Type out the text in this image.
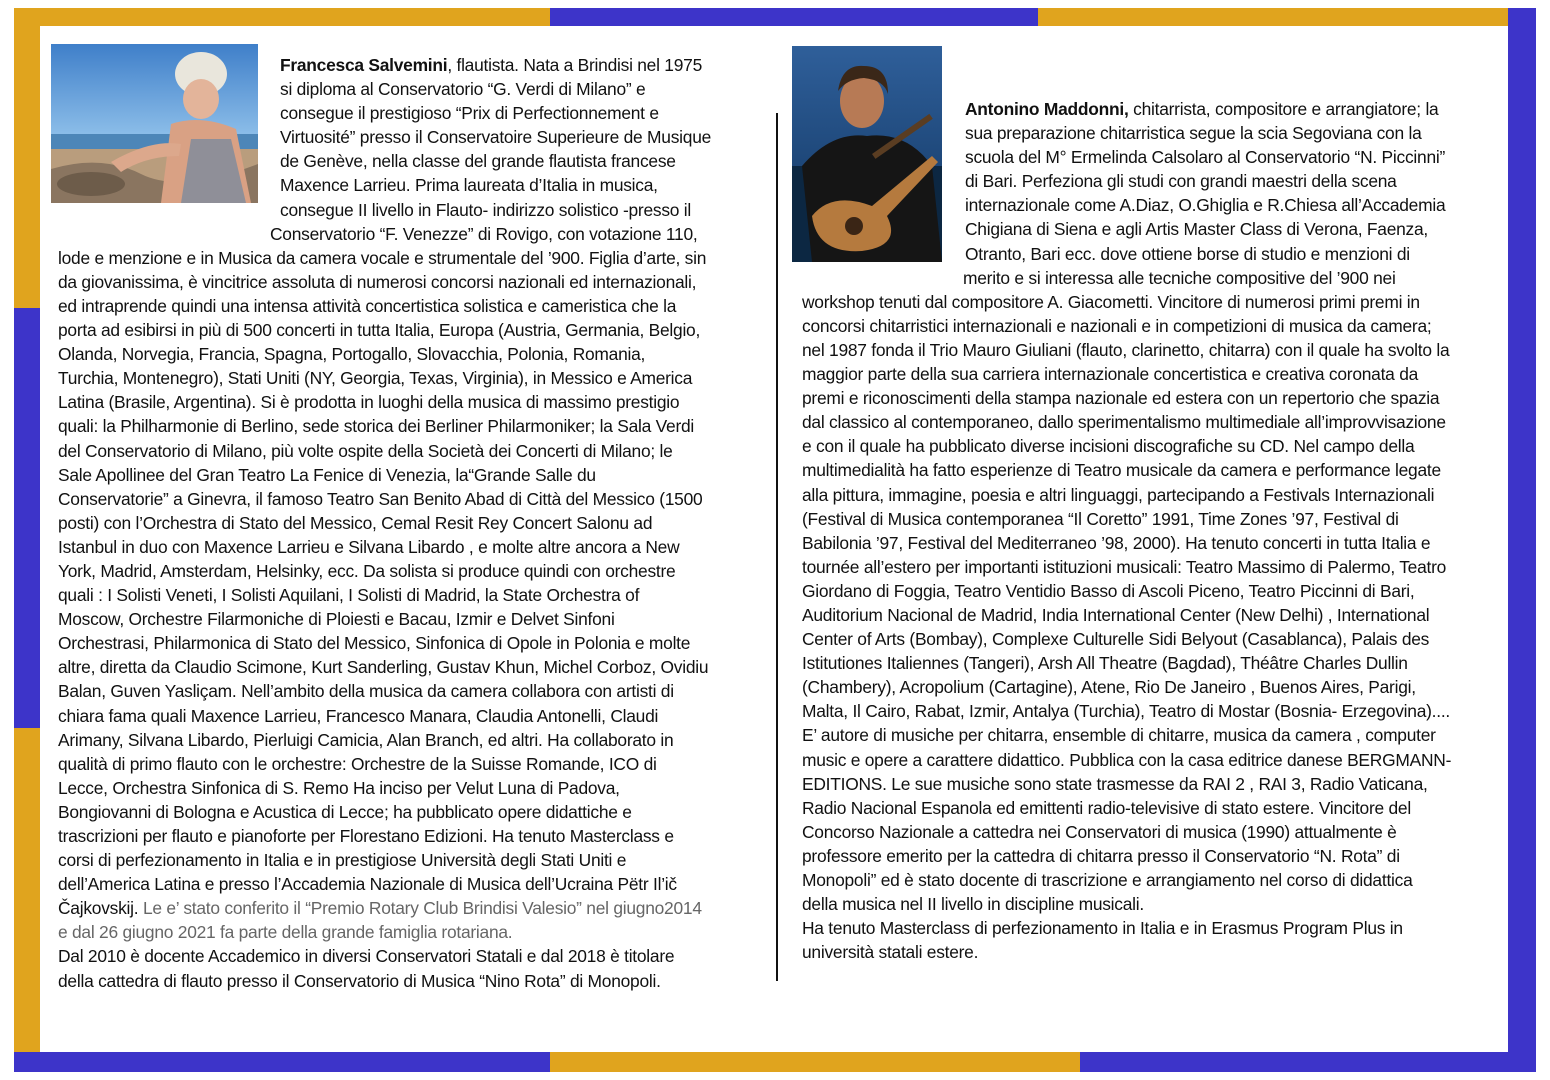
Francesca Salvemini, flautista. Nata a Brindisi nel 1975
si diploma al Conservatorio “G. Verdi di Milano” e
consegue il prestigioso “Prix di Perfectionnement e
Virtuosité” presso il Conservatoire Superieure de Musique
de Genève, nella classe del grande flautista francese
Maxence Larrieu. Prima laureata d’Italia in musica,
consegue II livello in Flauto- indirizzo solistico -presso il
Conservatorio “F. Venezze” di Rovigo, con votazione 110,
lode e menzione e in Musica da camera vocale e strumentale del ’900. Figlia d’arte, sin
da giovanissima, è vincitrice assoluta di numerosi concorsi nazionali ed internazionali,
ed intraprende quindi una intensa attività concertistica solistica e cameristica che la
porta ad esibirsi in più di 500 concerti in tutta Italia, Europa (Austria, Germania, Belgio,
Olanda, Norvegia, Francia, Spagna, Portogallo, Slovacchia, Polonia, Romania,
Turchia, Montenegro), Stati Uniti (NY, Georgia, Texas, Virginia), in Messico e America
Latina (Brasile, Argentina). Si è prodotta in luoghi della musica di massimo prestigio
quali: la Philharmonie di Berlino, sede storica dei Berliner Philarmoniker; la Sala Verdi
del Conservatorio di Milano, più volte ospite della Società dei Concerti di Milano; le
Sale Apollinee del Gran Teatro La Fenice di Venezia, la“Grande Salle du
Conservatorie” a Ginevra, il famoso Teatro San Benito Abad di Città del Messico (1500
posti) con l’Orchestra di Stato del Messico, Cemal Resit Rey Concert Salonu ad
Istanbul in duo con Maxence Larrieu e Silvana Libardo , e molte altre ancora a New
York, Madrid, Amsterdam, Helsinky, ecc. Da solista si produce quindi con orchestre
quali : I Solisti Veneti, I Solisti Aquilani, I Solisti di Madrid, la State Orchestra of
Moscow, Orchestre Filarmoniche di Ploiesti e Bacau, Izmir e Delvet Sinfoni
Orchestrasi, Philarmonica di Stato del Messico, Sinfonica di Opole in Polonia e molte
altre, diretta da Claudio Scimone, Kurt Sanderling, Gustav Khun, Michel Corboz, Ovidiu
Balan, Guven Yasliçam. Nell’ambito della musica da camera collabora con artisti di
chiara fama quali Maxence Larrieu, Francesco Manara, Claudia Antonelli, Claudi
Arimany, Silvana Libardo, Pierluigi Camicia, Alan Branch, ed altri. Ha collaborato in
qualità di primo flauto con le orchestre: Orchestre de la Suisse Romande, ICO di
Lecce, Orchestra Sinfonica di S. Remo Ha inciso per Velut Luna di Padova,
Bongiovanni di Bologna e Acustica di Lecce; ha pubblicato opere didattiche e
trascrizioni per flauto e pianoforte per Florestano Edizioni. Ha tenuto Masterclass e
corsi di perfezionamento in Italia e in prestigiose Università degli Stati Uniti e
dell’America Latina e presso l’Accademia Nazionale di Musica dell’Ucraina Pëtr Il’ič
Čajkovskij. Le e’ stato conferito il “Premio Rotary Club Brindisi Valesio” nel giugno2014
e dal 26 giugno 2021 fa parte della grande famiglia rotariana.
Dal 2010 è docente Accademico in diversi Conservatori Statali e dal 2018 è titolare
della cattedra di flauto presso il Conservatorio di Musica “Nino Rota” di Monopoli.
Antonino Maddonni, chitarrista, compositore e arrangiatore; la
sua preparazione chitarristica segue la scia Segoviana con la
scuola del M° Ermelinda Calsolaro al Conservatorio “N. Piccinni”
di Bari. Perfeziona gli studi con grandi maestri della scena
internazionale come A.Diaz, O.Ghiglia e R.Chiesa all’Accademia
Chigiana di Siena e agli Artis Master Class di Verona, Faenza,
Otranto, Bari ecc. dove ottiene borse di studio e menzioni di
merito e si interessa alle tecniche compositive del ’900 nei
workshop tenuti dal compositore A. Giacometti. Vincitore di numerosi primi premi in
concorsi chitarristici internazionali e nazionali e in competizioni di musica da camera;
nel 1987 fonda il Trio Mauro Giuliani (flauto, clarinetto, chitarra) con il quale ha svolto la
maggior parte della sua carriera internazionale concertistica e creativa coronata da
premi e riconoscimenti della stampa nazionale ed estera con un repertorio che spazia
dal classico al contemporaneo, dallo sperimentalismo multimediale all’improvvisazione
e con il quale ha pubblicato diverse incisioni discografiche su CD. Nel campo della
multimedialità ha fatto esperienze di Teatro musicale da camera e performance legate
alla pittura, immagine, poesia e altri linguaggi, partecipando a Festivals Internazionali
(Festival di Musica contemporanea “Il Coretto” 1991, Time Zones ’97, Festival di
Babilonia ’97, Festival del Mediterraneo ’98, 2000). Ha tenuto concerti in tutta Italia e
tournée all’estero per importanti istituzioni musicali: Teatro Massimo di Palermo, Teatro
Giordano di Foggia, Teatro Ventidio Basso di Ascoli Piceno, Teatro Piccinni di Bari,
Auditorium Nacional de Madrid, India International Center (New Delhi) , International
Center of Arts (Bombay), Complexe Culturelle Sidi Belyout (Casablanca), Palais des
Istitutiones Italiennes (Tangeri), Arsh All Theatre (Bagdad), Théâtre Charles Dullin
(Chambery), Acropolium (Cartagine), Atene, Rio De Janeiro , Buenos Aires, Parigi,
Malta, Il Cairo, Rabat, Izmir, Antalya (Turchia), Teatro di Mostar (Bosnia- Erzegovina)....
E’ autore di musiche per chitarra, ensemble di chitarre, musica da camera , computer
music e opere a carattere didattico. Pubblica con la casa editrice danese BERGMANN-
EDITIONS. Le sue musiche sono state trasmesse da RAI 2 , RAI 3, Radio Vaticana,
Radio Nacional Espanola ed emittenti radio-televisive di stato estere. Vincitore del
Concorso Nazionale a cattedra nei Conservatori di musica (1990) attualmente è
professore emerito per la cattedra di chitarra presso il Conservatorio “N. Rota” di
Monopoli” ed è stato docente di trascrizione e arrangiamento nel corso di didattica
della musica nel II livello in discipline musicali.
Ha tenuto Masterclass di perfezionamento in Italia e in Erasmus Program Plus in
università statali estere.
